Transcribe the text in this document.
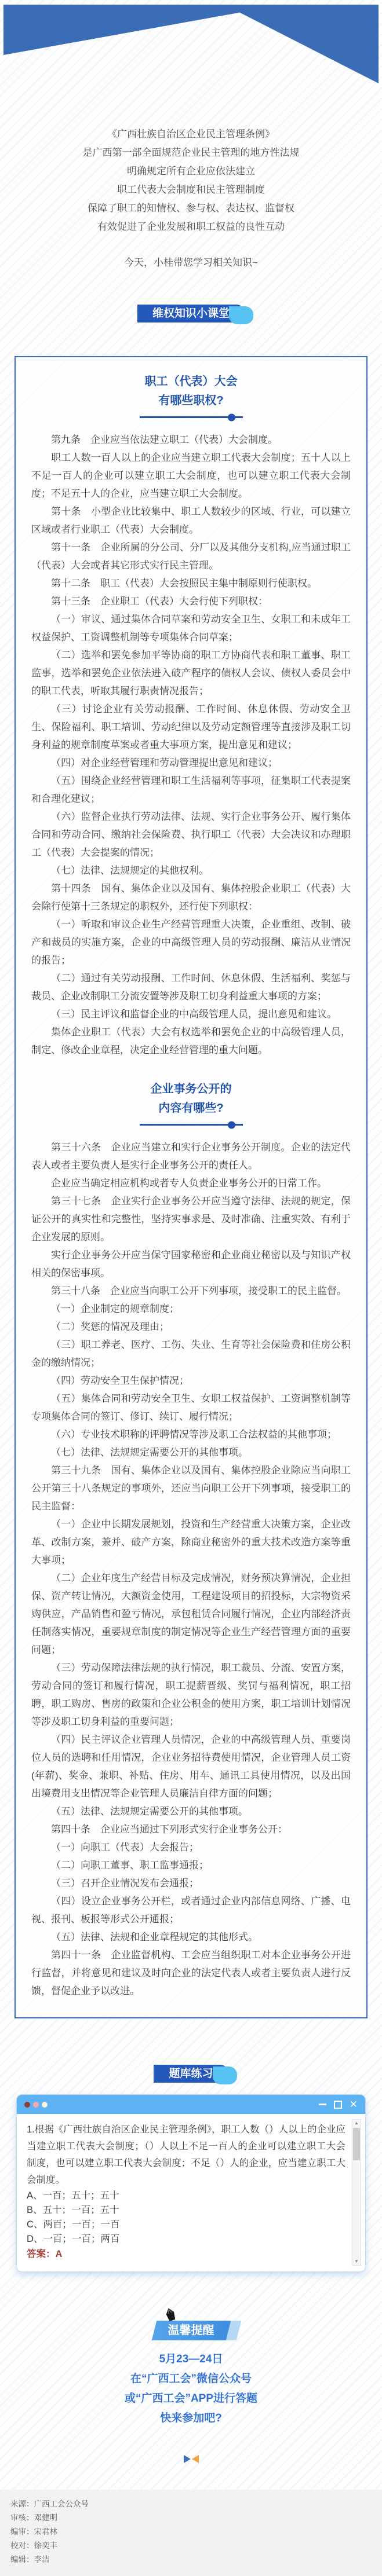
《广西壮族自治区企业民主管理条例》

是广西第一部全面规范企业民主管理的地方性法规

明确规定所有企业应依法建立

职工代表大会制度和民主管理制度

保障了职工的知情权、参与权、表达权、监督权

有效促进了企业发展和职工权益的良性互动

今天，小桂带您学习相关知识~

维权知识小课堂
职工（代表）大会
有哪些职权?

第九条　企业应当依法建立职工（代表）大会制度。

职工人数一百人以上的企业应当建立职工代表大会制度；五十人以上不足一百人的企业可以建立职工大会制度，也可以建立职工代表大会制度；不足五十人的企业，应当建立职工大会制度。

第十条　小型企业比较集中、职工人数较少的区域、行业，可以建立区域或者行业职工（代表）大会制度。

第十一条　企业所属的分公司、分厂以及其他分支机构,应当通过职工（代表）大会或者其它形式实行民主管理。

第十二条　职工（代表）大会按照民主集中制原则行使职权。

第十三条　企业职工（代表）大会行使下列职权：

（一）审议、通过集体合同草案和劳动安全卫生、女职工和未成年工权益保护、工资调整机制等专项集体合同草案；

（二）选举和罢免参加平等协商的职工方协商代表和职工董事、职工监事，选举和罢免企业依法进入破产程序的债权人会议、债权人委员会中的职工代表，听取其履行职责情况报告；

（三）讨论企业有关劳动报酬、工作时间、休息休假、劳动安全卫生、保险福利、职工培训、劳动纪律以及劳动定额管理等直接涉及职工切身利益的规章制度草案或者重大事项方案，提出意见和建议；

（四）对企业经营管理和劳动管理提出意见和建议；

（五）围绕企业经营管理和职工生活福利等事项，征集职工代表提案和合理化建议；

（六）监督企业执行劳动法律、法规、实行企业事务公开、履行集体合同和劳动合同、缴纳社会保险费、执行职工（代表）大会决议和办理职工（代表）大会提案的情况；

（七）法律、法规规定的其他权利。

第十四条　国有、集体企业以及国有、集体控股企业职工（代表）大会除行使第十三条规定的职权外，还行使下列职权：

（一）听取和审议企业生产经营管理重大决策，企业重组、改制、破产和裁员的实施方案，企业的中高级管理人员的劳动报酬、廉洁从业情况的报告；

（二）通过有关劳动报酬、工作时间、休息休假、生活福利、奖惩与裁员、企业改制职工分流安置等涉及职工切身利益重大事项的方案；

（三）民主评议和监督企业的中高级管理人员，提出意见和建议。

集体企业职工（代表）大会有权选举和罢免企业的中高级管理人员，制定、修改企业章程，决定企业经营管理的重大问题。

企业事务公开的
内容有哪些?

第三十六条　企业应当建立和实行企业事务公开制度。企业的法定代表人或者主要负责人是实行企业事务公开的责任人。

企业应当确定相应机构或者专人负责企业事务公开的日常工作。

第三十七条　企业实行企业事务公开应当遵守法律、法规的规定，保证公开的真实性和完整性，坚持实事求是、及时准确、注重实效、有利于企业发展的原则。

实行企业事务公开应当保守国家秘密和企业商业秘密以及与知识产权相关的保密事项。

第三十八条　企业应当向职工公开下列事项，接受职工的民主监督。

（一）企业制定的规章制度；

（二）奖惩的情况及理由；

（三）职工养老、医疗、工伤、失业、生育等社会保险费和住房公积金的缴纳情况；

（四）劳动安全卫生保护情况；

（五）集体合同和劳动安全卫生、女职工权益保护、工资调整机制等专项集体合同的签订、修订、续订、履行情况；

（六）专业技术职称的评聘情况等涉及职工合法权益的其他事项；

（七）法律、法规规定需要公开的其他事项。

第三十九条　国有、集体企业以及国有、集体控股企业除应当向职工公开第三十八条规定的事项外，还应当向职工公开下列事项，接受职工的民主监督：

（一）企业中长期发展规划，投资和生产经营重大决策方案，企业改革、改制方案，兼并、破产方案，除商业秘密外的重大技术改造方案等重大事项；

（二）企业年度生产经营目标及完成情况，财务预决算情况，企业担保、资产转让情况，大额资金使用，工程建设项目的招投标，大宗物资采购供应，产品销售和盈亏情况，承包租赁合同履行情况，企业内部经济责任制落实情况，重要规章制度的制定情况等企业生产经营管理方面的重要问题；

（三）劳动保障法律法规的执行情况，职工裁员、分流、安置方案，劳动合同的签订和履行情况，职工提薪晋级、奖罚与福利情况，职工招聘，职工购房、售房的政策和企业公积金的使用方案，职工培训计划情况等涉及职工切身利益的重要问题；

（四）民主评议企业管理人员情况，企业的中高级管理人员、重要岗位人员的选聘和任用情况，企业业务招待费使用情况，企业管理人员工资(年薪)、奖金、兼职、补贴、住房、用车、通讯工具使用情况，以及出国出境费用支出情况等企业管理人员廉洁自律方面的问题；

（五）法律、法规规定需要公开的其他事项。

第四十条　企业应当通过下列形式实行企业事务公开：

（一）向职工（代表）大会报告；

（二）向职工董事、职工监事通报；

（三）召开企业情况发布会通报；

（四）设立企业事务公开栏，或者通过企业内部信息网络、广播、电视、报刊、板报等形式公开通报；

（五）法律、法规和企业章程规定的其他形式。

第四十一条　企业监督机构、工会应当组织职工对本企业事务公开进行监督，并将意见和建议及时向企业的法定代表人或者主要负责人进行反馈，督促企业予以改进。

题库练习
✕

1.根据《广西壮族自治区企业民主管理条例》，职工人数（）人以上的企业应当建立职工代表大会制度；（）人以上不足一百人的企业可以建立职工大会制度，也可以建立职工代表大会制度；不足（）人的企业，应当建立职工大会制度。

A、一百；五十；五十

B、五十；一百；五十

C、两百；一百；一百

D、一百；一百；两百

答案：A

▲
▼
温馨提醒

5月23—24日

在“广西工会”微信公众号

或“广西工会”APP进行答题

快来参加吧?

来源：广西工会公众号

审核：邓健明

编审：宋君林

校对：徐奕丰

编辑：李洁
